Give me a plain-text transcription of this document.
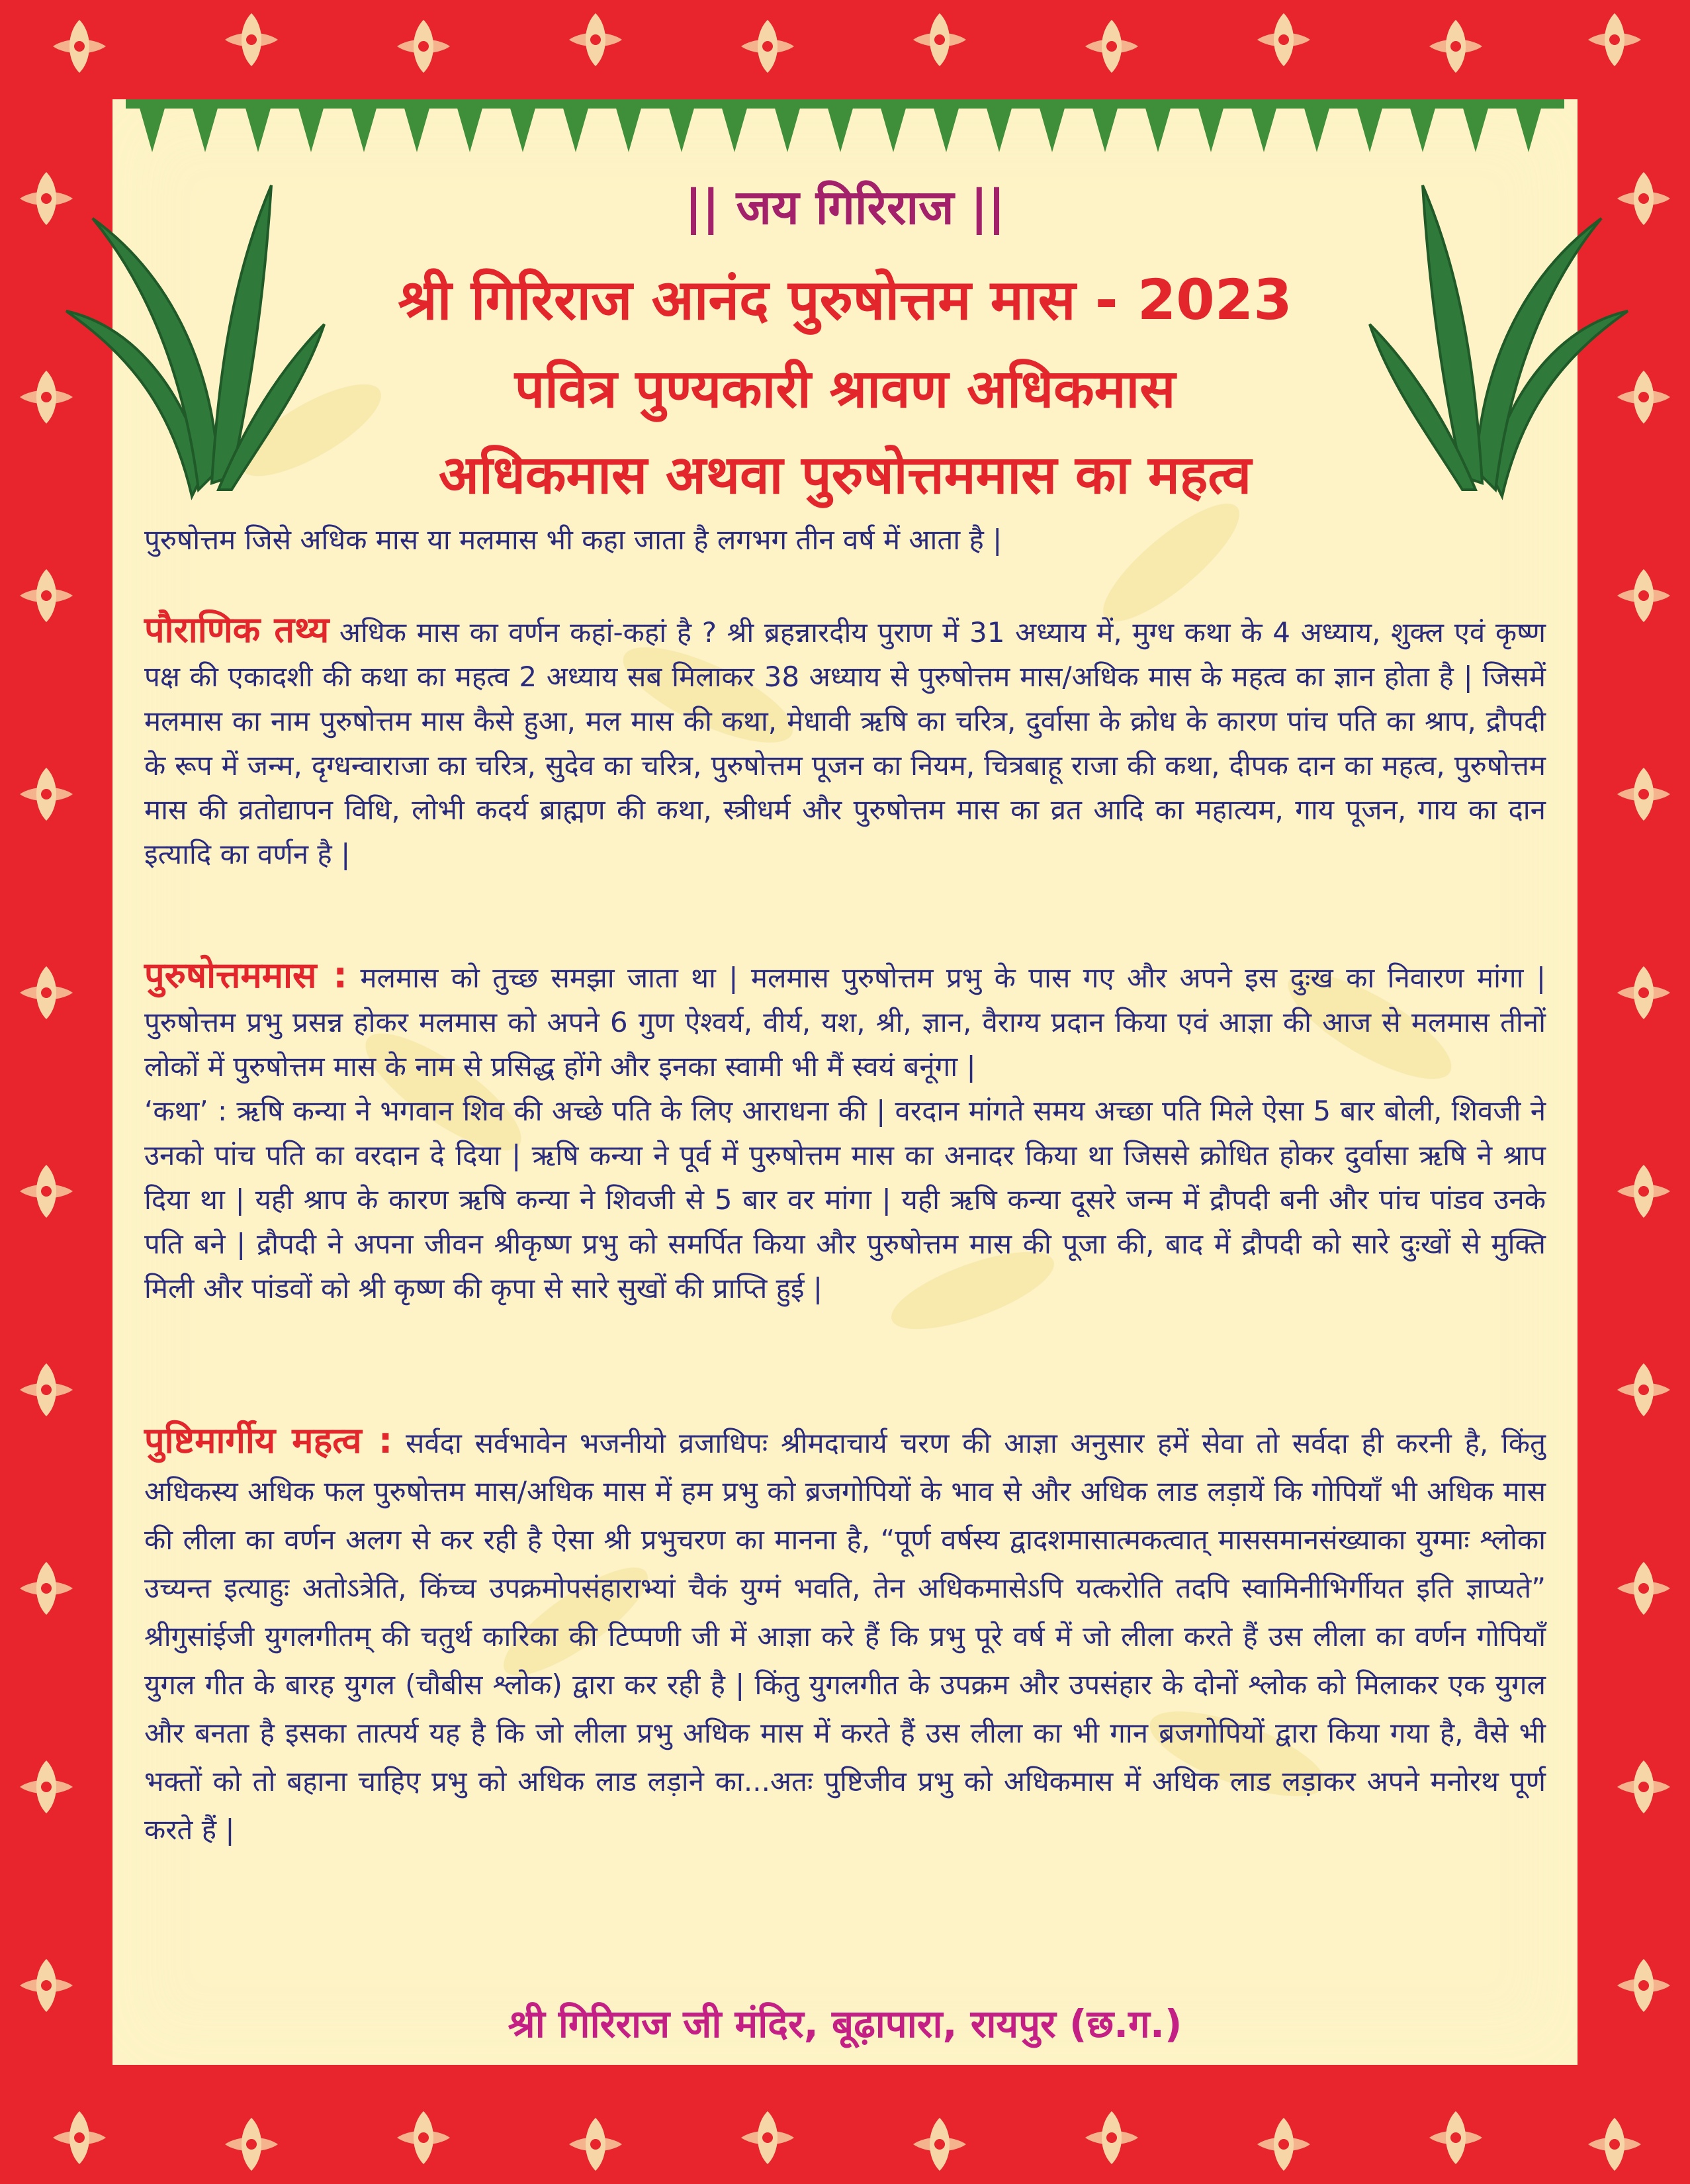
|| जय गिरिराज ||
श्री गिरिराज आनंद पुरुषोत्तम मास - 2023
पवित्र पुण्यकारी श्रावण अधिकमास
अधिकमास अथवा पुरुषोत्तममास का महत्व
पुरुषोत्तम जिसे अधिक मास या मलमास भी कहा जाता है लगभग तीन वर्ष में आता है |
पौराणिक तथ्य अधिक मास का वर्णन कहां-कहां है ? श्री ब्रहन्नारदीय पुराण में 31 अध्याय में, मुग्ध कथा के 4 अध्याय, शुक्ल एवं कृष्ण पक्ष की एकादशी की कथा का महत्व 2 अध्याय सब मिलाकर 38 अध्याय से पुरुषोत्तम मास/अधिक मास के महत्व का ज्ञान होता है | जिसमें मलमास का नाम पुरुषोत्तम मास कैसे हुआ, मल मास की कथा, मेधावी ऋषि का चरित्र, दुर्वासा के क्रोध के कारण पांच पति का श्राप, द्रौपदी के रूप में जन्म, दृग्धन्वाराजा का चरित्र, सुदेव का चरित्र, पुरुषोत्तम पूजन का नियम, चित्रबाहू राजा की कथा, दीपक दान का महत्व, पुरुषोत्तम मास की व्रतोद्यापन विधि, लोभी कदर्य ब्राह्मण की कथा, स्त्रीधर्म और पुरुषोत्तम मास का व्रत आदि का महात्यम, गाय पूजन, गाय का दान इत्यादि का वर्णन है |
पुरुषोत्तममास : मलमास को तुच्छ समझा जाता था | मलमास पुरुषोत्तम प्रभु के पास गए और अपने इस दुःख का निवारण मांगा | पुरुषोत्तम प्रभु प्रसन्न होकर मलमास को अपने 6 गुण ऐश्वर्य, वीर्य, यश, श्री, ज्ञान, वैराग्य प्रदान किया एवं आज्ञा की आज से मलमास तीनों लोकों में पुरुषोत्तम मास के नाम से प्रसिद्ध होंगे और इनका स्वामी भी मैं स्वयं बनूंगा |
‘कथा’ : ऋषि कन्या ने भगवान शिव की अच्छे पति के लिए आराधना की | वरदान मांगते समय अच्छा पति मिले ऐसा 5 बार बोली, शिवजी ने उनको पांच पति का वरदान दे दिया | ऋषि कन्या ने पूर्व में पुरुषोत्तम मास का अनादर किया था जिससे क्रोधित होकर दुर्वासा ऋषि ने श्राप दिया था | यही श्राप के कारण ऋषि कन्या ने शिवजी से 5 बार वर मांगा | यही ऋषि कन्या दूसरे जन्म में द्रौपदी बनी और पांच पांडव उनके पति बने | द्रौपदी ने अपना जीवन श्रीकृष्ण प्रभु को समर्पित किया और पुरुषोत्तम मास की पूजा की, बाद में द्रौपदी को सारे दुःखों से मुक्ति मिली और पांडवों को श्री कृष्ण की कृपा से सारे सुखों की प्राप्ति हुई |
पुष्टिमार्गीय महत्व : सर्वदा सर्वभावेन भजनीयो व्रजाधिपः श्रीमदाचार्य चरण की आज्ञा अनुसार हमें सेवा तो सर्वदा ही करनी है, किंतु अधिकस्य अधिक फल पुरुषोत्तम मास/अधिक मास में हम प्रभु को ब्रजगोपियों के भाव से और अधिक लाड लड़ायें कि गोपियाँ भी अधिक मास की लीला का वर्णन अलग से कर रही है ऐसा श्री प्रभुचरण का मानना है, “पूर्ण वर्षस्य द्वादशमासात्मकत्वात् माससमानसंख्याका युग्माः श्लोका उच्यन्त इत्याहुः अतोऽत्रेति, किंच्च उपक्रमोपसंहाराभ्यां चैकं युग्मं भवति, तेन अधिकमासेऽपि यत्करोति तदपि स्वामिनीभिर्गीयत इति ज्ञाप्यते” श्रीगुसांईजी युगलगीतम् की चतुर्थ कारिका की टिप्पणी जी में आज्ञा करे हैं कि प्रभु पूरे वर्ष में जो लीला करते हैं उस लीला का वर्णन गोपियाँ युगल गीत के बारह युगल (चौबीस श्लोक) द्वारा कर रही है | किंतु युगलगीत के उपक्रम और उपसंहार के दोनों श्लोक को मिलाकर एक युगल और बनता है इसका तात्पर्य यह है कि जो लीला प्रभु अधिक मास में करते हैं उस लीला का भी गान ब्रजगोपियों द्वारा किया गया है, वैसे भी भक्तों को तो बहाना चाहिए प्रभु को अधिक लाड लड़ाने का...अतः पुष्टिजीव प्रभु को अधिकमास में अधिक लाड लड़ाकर अपने मनोरथ पूर्ण करते हैं |
श्री गिरिराज जी मंदिर, बूढ़ापारा, रायपुर (छ.ग.)
